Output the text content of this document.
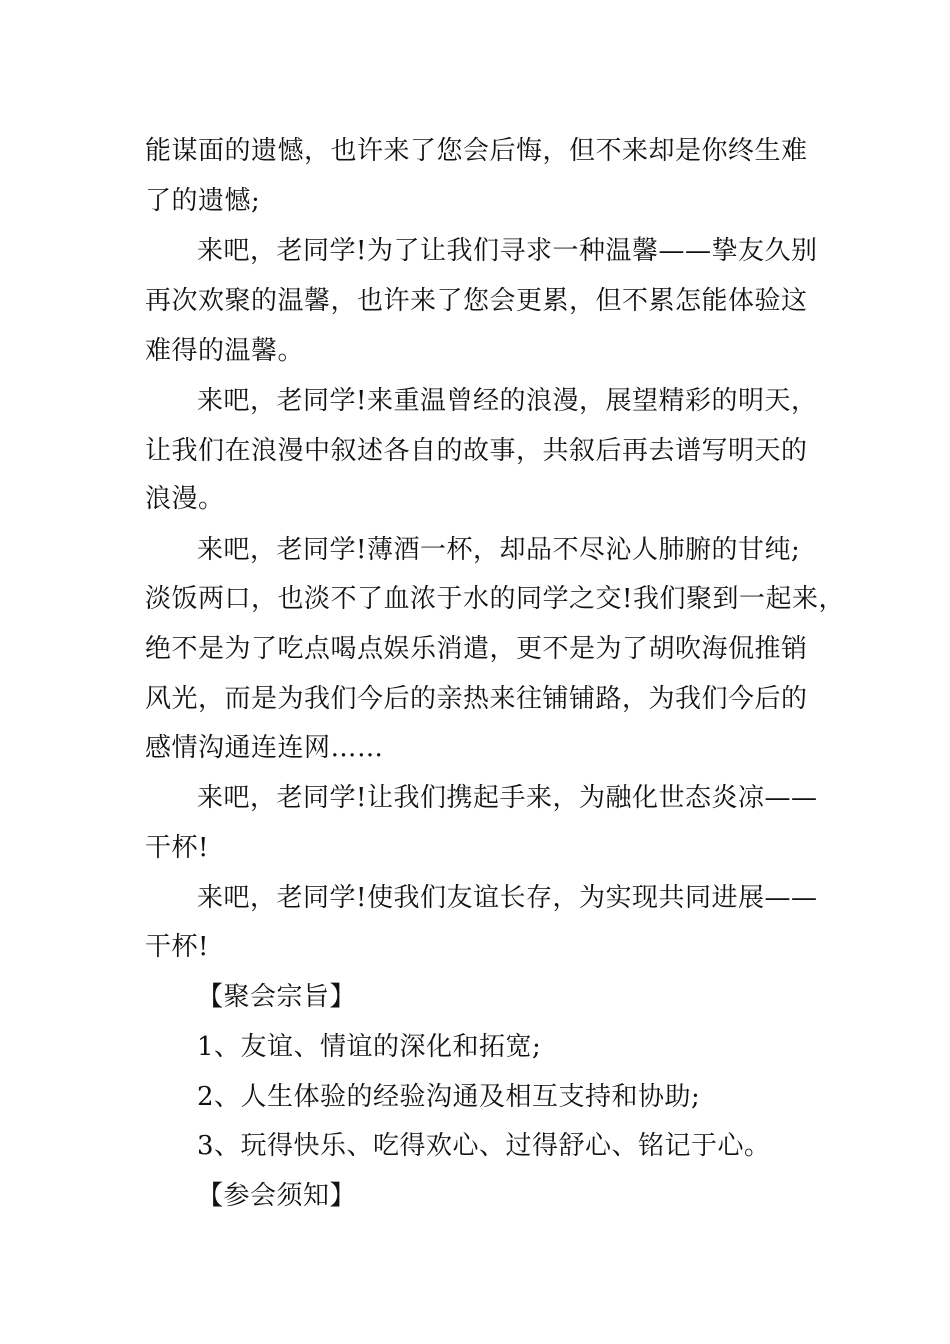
能谋面的遗憾，也许来了您会后悔，但不来却是你终生难
了的遗憾;
来吧，老同学!为了让我们寻求一种温馨——挚友久别
再次欢聚的温馨，也许来了您会更累，但不累怎能体验这
难得的温馨。
来吧，老同学!来重温曾经的浪漫，展望精彩的明天，
让我们在浪漫中叙述各自的故事，共叙后再去谱写明天的
浪漫。
来吧，老同学!薄酒一杯，却品不尽沁人肺腑的甘纯;
淡饭两口，也淡不了血浓于水的同学之交!我们聚到一起来，
绝不是为了吃点喝点娱乐消遣，更不是为了胡吹海侃推销
风光，而是为我们今后的亲热来往铺铺路，为我们今后的
感情沟通连连网……
来吧，老同学!让我们携起手来，为融化世态炎凉——
干杯!
来吧，老同学!使我们友谊长存，为实现共同进展——
干杯!
【聚会宗旨】
1、友谊、情谊的深化和拓宽;
2、人生体验的经验沟通及相互支持和协助;
3、玩得快乐、吃得欢心、过得舒心、铭记于心。
【参会须知】
